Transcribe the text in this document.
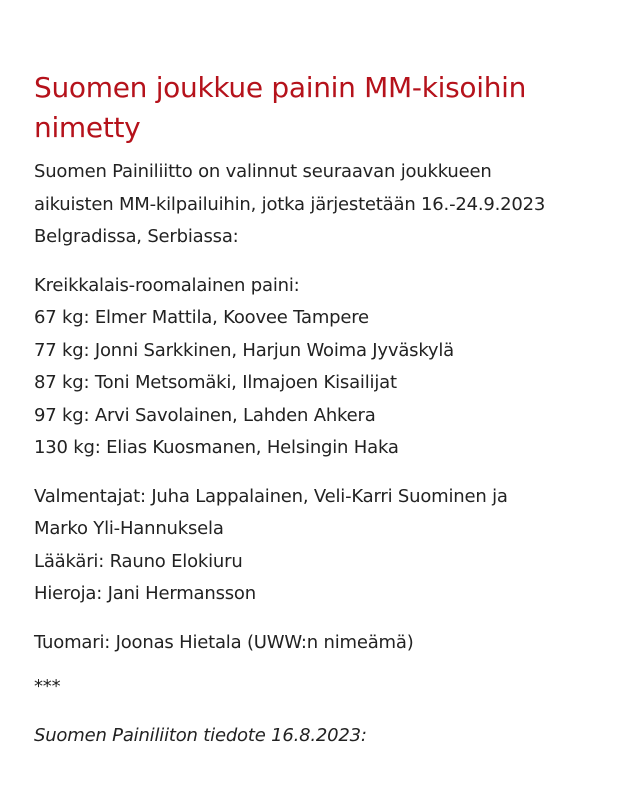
Suomen joukkue painin MM-kisoihin
nimetty

Suomen Painiliitto on valinnut seuraavan joukkueen
aikuisten MM-kilpailuihin, jotka järjestetään 16.-24.9.2023
Belgradissa, Serbiassa:

Kreikkalais-roomalainen paini:
67 kg: Elmer Mattila, Koovee Tampere
77 kg: Jonni Sarkkinen, Harjun Woima Jyväskylä
87 kg: Toni Metsomäki, Ilmajoen Kisailijat
97 kg: Arvi Savolainen, Lahden Ahkera
130 kg: Elias Kuosmanen, Helsingin Haka

Valmentajat: Juha Lappalainen, Veli-Karri Suominen ja
Marko Yli-Hannuksela
Lääkäri: Rauno Elokiuru
Hieroja: Jani Hermansson

Tuomari: Joonas Hietala (UWW:n nimeämä)

***

Suomen Painiliiton tiedote 16.8.2023:
